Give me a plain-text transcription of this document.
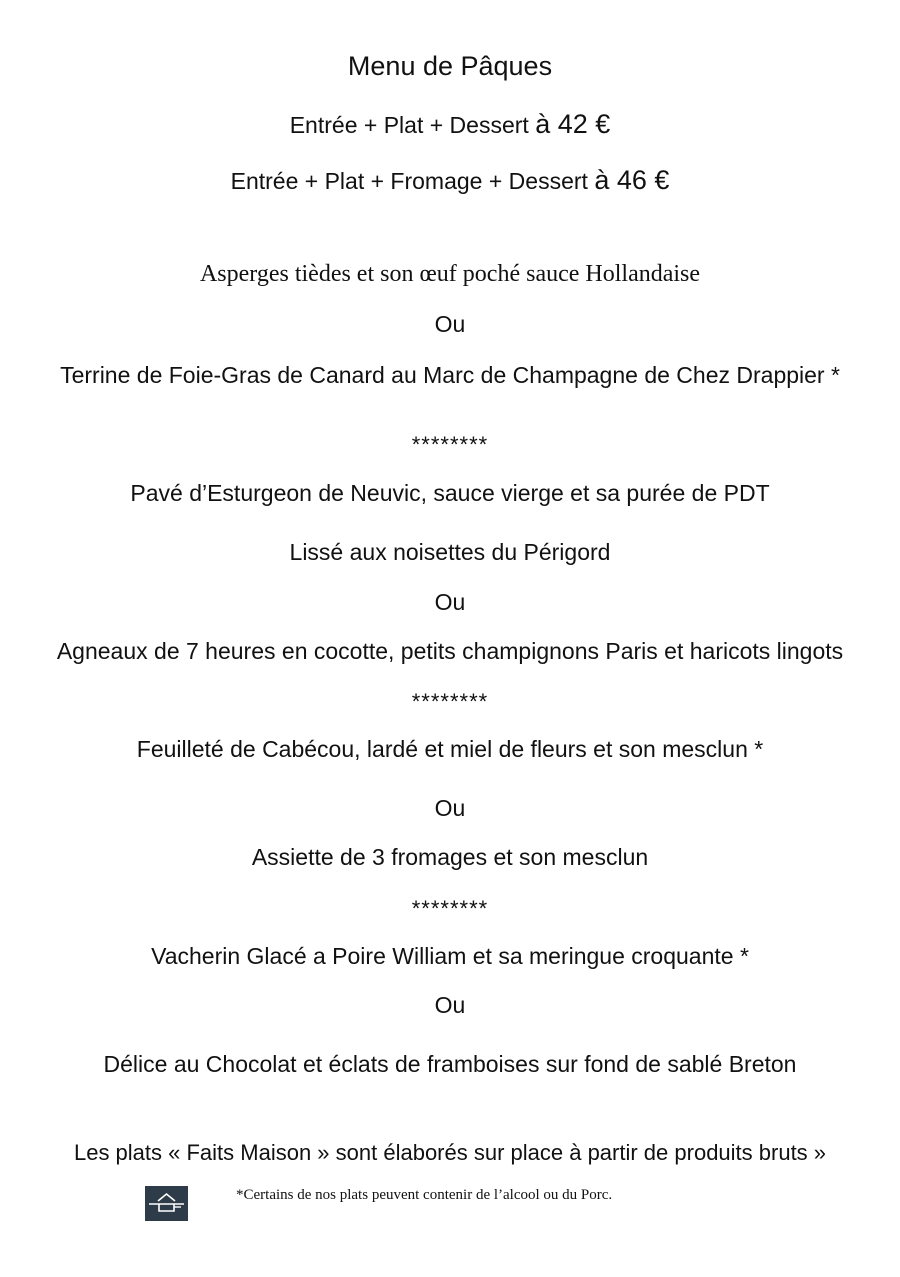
Menu de Pâques
Entrée + Plat + Dessert à 42 €
Entrée + Plat + Fromage + Dessert à 46 €
Asperges tièdes et son œuf poché sauce Hollandaise
Ou
Terrine de Foie-Gras de Canard au Marc de Champagne de Chez Drappier *
********
Pavé d’Esturgeon de Neuvic, sauce vierge et sa purée de PDT
Lissé aux noisettes du Périgord
Ou
Agneaux de 7 heures en cocotte, petits champignons Paris et haricots lingots
********
Feuilleté de Cabécou, lardé et miel de fleurs et son mesclun *
Ou
Assiette de 3 fromages et son mesclun
********
Vacherin Glacé a Poire William et sa meringue croquante *
Ou
Délice au Chocolat et éclats de framboises sur fond de sablé Breton
Les plats « Faits Maison » sont élaborés sur place à partir de produits bruts »
*Certains de nos plats peuvent contenir de l’alcool ou du Porc.
